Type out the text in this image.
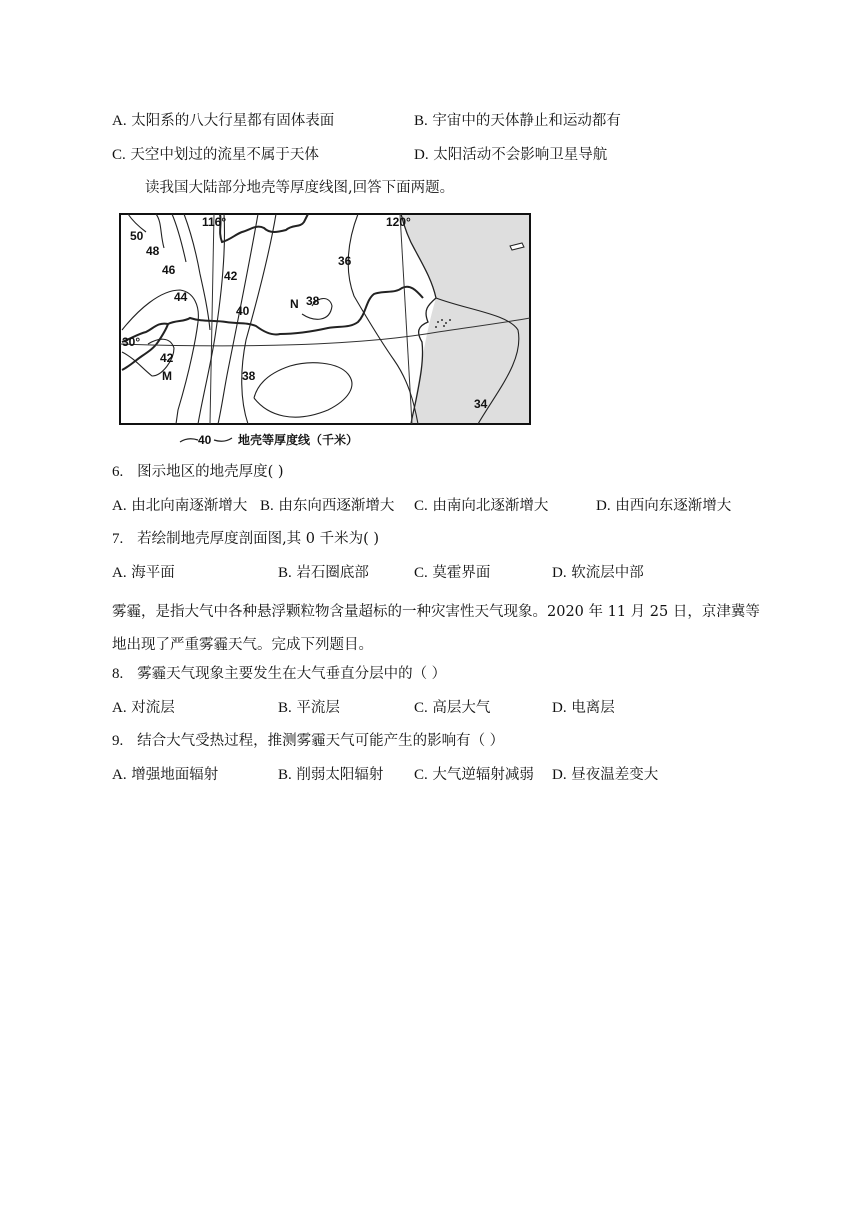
A. 太阳系的八大行星都有固体表面	B. 宇宙中的天体静止和运动都有
C. 天空中划过的流星不属于天体	D. 太阳活动不会影响卫星导航
读我国大陆部分地壳等厚度线图,回答下面两题。
50
48
46
44
42
40
42
38
38
36
34
116°	120°
30°
M
N
40 地壳等厚度线（千米）
6. 图示地区的地壳厚度( )
A. 由北向南逐渐增大 B. 由东向西逐渐增大 C. 由南向北逐渐增大	D. 由西向东逐渐增大
7. 若绘制地壳厚度剖面图,其 0 千米为( )
A. 海平面	B. 岩石圈底部	C. 莫霍界面	D. 软流层中部
雾霾，是指大气中各种悬浮颗粒物含量超标的一种灾害性天气现象。2020 年 11 月 25 日，京津冀等地出现了严重雾霾天气。完成下列题目。
8. 雾霾天气现象主要发生在大气垂直分层中的（ ）
A. 对流层	B. 平流层	C. 高层大气	D. 电离层
9. 结合大气受热过程，推测雾霾天气可能产生的影响有（ ）
A. 增强地面辐射	B. 削弱太阳辐射 C. 大气逆辐射减弱 D. 昼夜温差变大
